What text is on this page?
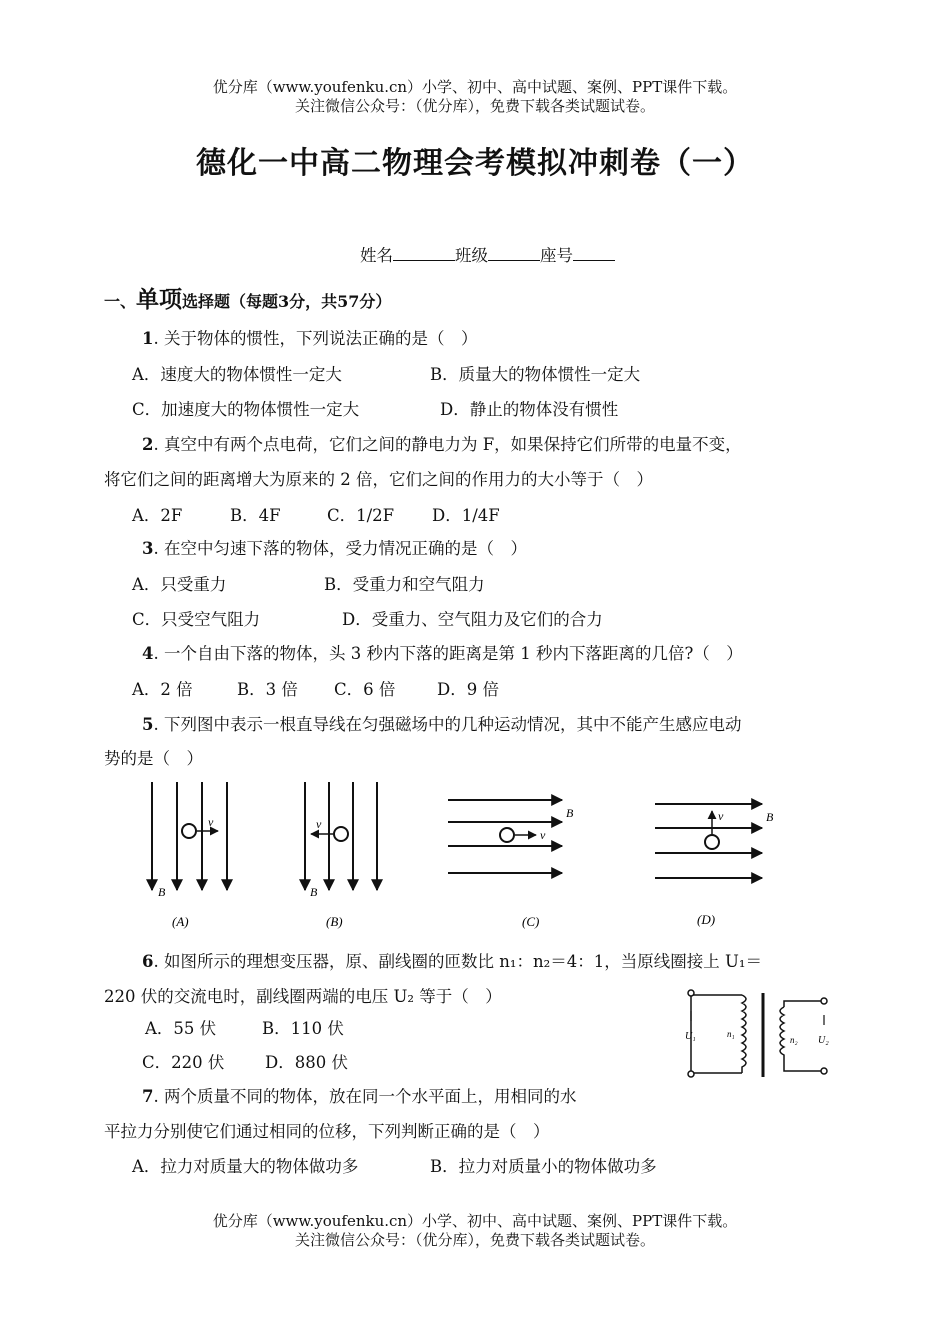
优分库（www.youfenku.cn）小学、初中、高中试题、案例、PPT课件下载。
关注微信公众号：（优分库），免费下载各类试题试卷。
德化一中高二物理会考模拟冲刺卷（一）
姓名	班级	座号
一、单项选择题（每题3分，共57分）
1. 关于物体的惯性，下列说法正确的是（　）
A．速度大的物体惯性一定大	B．质量大的物体惯性一定大
C．加速度大的物体惯性一定大	D．静止的物体没有惯性
2. 真空中有两个点电荷，它们之间的静电力为 F，如果保持它们所带的电量不变，
将它们之间的距离增大为原来的 2 倍，它们之间的作用力的大小等于（　）
A．2F	B．4F	C．1/2F D．1/4F
3. 在空中匀速下落的物体，受力情况正确的是（　）
A．只受重力	B．受重力和空气阻力
C．只受空气阻力	D．受重力、空气阻力及它们的合力
4. 一个自由下落的物体，头 3 秒内下落的距离是第 1 秒内下落距离的几倍?（　）
A．2 倍	B．3 倍 C．6 倍	D．9 倍
5. 下列图中表示一根直导线在匀强磁场中的几种运动情况，其中不能产生感应电动
势的是（　）
v
B
(A)
v
B
(B)
v
B
(C)
v	B
(D)
6. 如图所示的理想变压器，原、副线圈的匝数比 n₁：n₂＝4：1，当原线圈接上 U₁＝
220 伏的交流电时，副线圈两端的电压 U₂ 等于（　）
A．55 伏	B．110 伏
C．220 伏 D．880 伏
U₁	n₁
n₂ U₂
7. 两个质量不同的物体，放在同一个水平面上，用相同的水
平拉力分别使它们通过相同的位移，下列判断正确的是（　）
A．拉力对质量大的物体做功多	B．拉力对质量小的物体做功多
优分库（www.youfenku.cn）小学、初中、高中试题、案例、PPT课件下载。
关注微信公众号：（优分库），免费下载各类试题试卷。
